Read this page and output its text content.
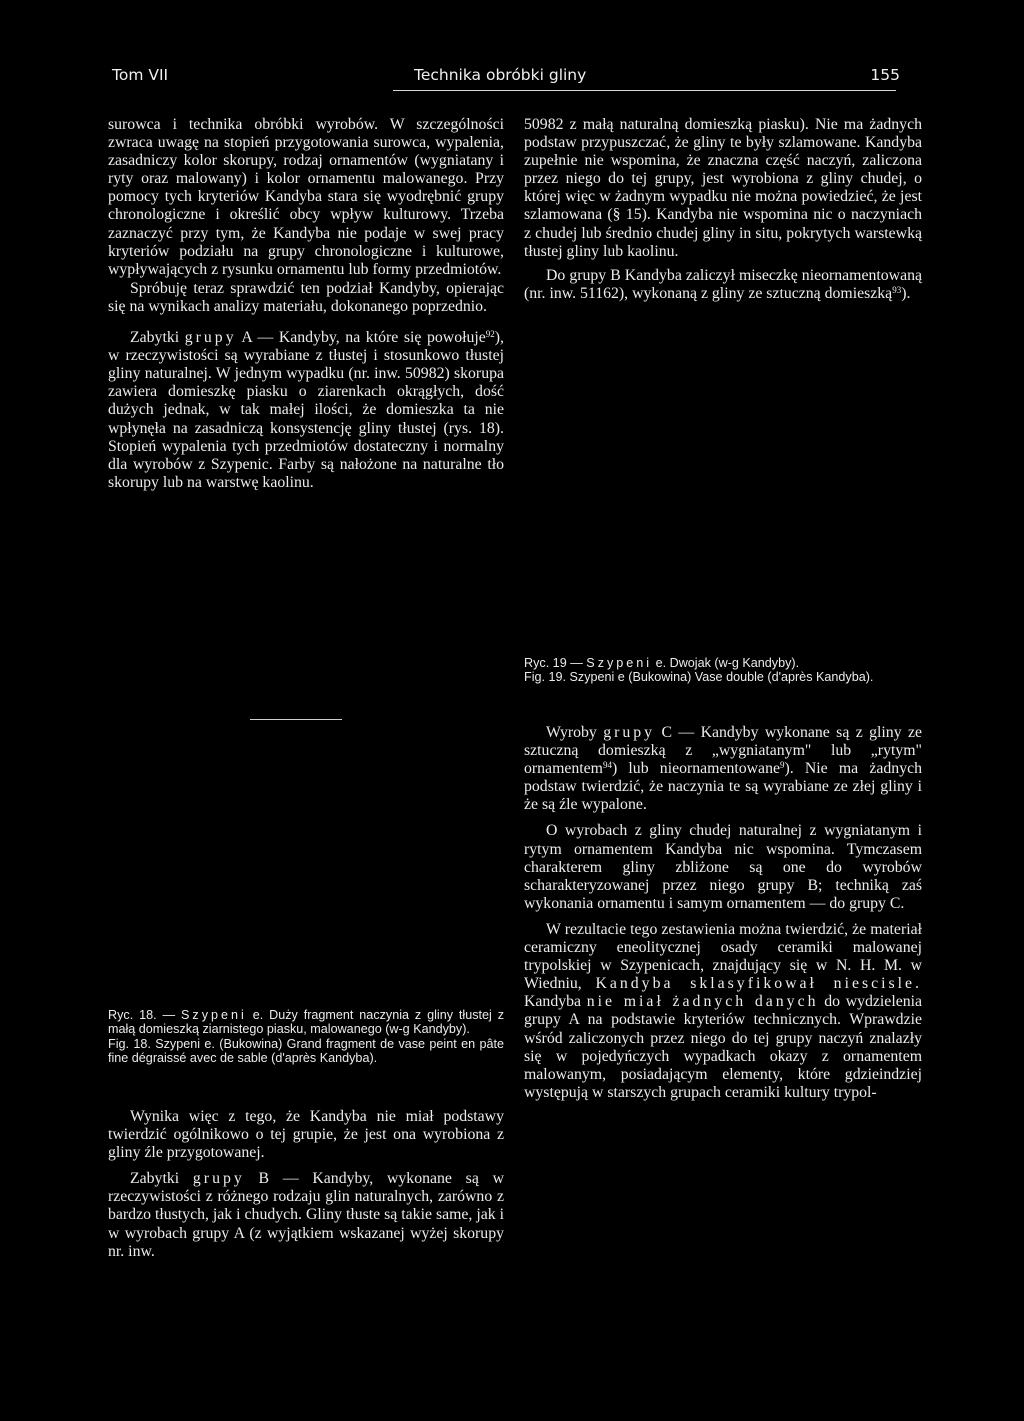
Tom VII	Technika obróbki gliny	155

surowca i technika obróbki wyrobów. W szczególności zwraca uwagę na stopień przygotowania surowca, wypalenia, zasadniczy kolor skorupy, rodzaj ornamentów (wygniatany i ryty oraz malowany) i kolor ornamentu malowanego. Przy pomocy tych kryteriów Kandyba stara się wyodrębnić grupy chronologiczne i określić obcy wpływ kulturowy. Trzeba zaznaczyć przy tym, że Kandyba nie podaje w swej pracy kryteriów podziału na grupy chronologiczne i kulturowe, wypływających z rysunku ornamentu lub formy przedmiotów.

Spróbuję teraz sprawdzić ten podział Kandyby, opierając się na wynikach analizy materiału, dokonanego poprzednio.

Zabytki grupy A — Kandyby, na które się powołuje$^{92}$), w rzeczywistości są wyrabiane z tłustej i stosunkowo tłustej gliny naturalnej. W jednym wypadku (nr. inw. 50982) skorupa zawiera domieszkę piasku o ziarenkach okrągłych, dość dużych jednak, w tak małej ilości, że domieszka ta nie wpłynęła na zasadniczą konsystencję gliny tłustej (rys. 18). Stopień wypalenia tych przedmiotów dostateczny i normalny dla wyrobów z Szypenic. Farby są nałożone na naturalne tło skorupy lub na warstwę kaolinu.

Ryc. 18. — Szypeni e. Duży fragment naczynia z gliny tłustej z małą domieszką ziarnistego piasku, malowanego (w-g Kandyby).

Fig. 18. Szypeni e. (Bukowina) Grand fragment de vase peint en pâte fine dégraissé avec de sable (d'après Kandyba).

Wynika więc z tego, że Kandyba nie miał podstawy twierdzić ogólnikowo o tej grupie, że jest ona wyrobiona z gliny źle przygotowanej.

Zabytki grupy B — Kandyby, wykonane są w rzeczywistości z różnego rodzaju glin naturalnych, zarówno z bardzo tłustych, jak i chudych. Gliny tłuste są takie same, jak i w wyrobach grupy A (z wyjątkiem wskazanej wyżej skorupy nr. inw.

50982 z małą naturalną domieszką piasku). Nie ma żadnych podstaw przypuszczać, że gliny te były szlamowane. Kandyba zupełnie nie wspomina, że znaczna część naczyń, zaliczona przez niego do tej grupy, jest wyrobiona z gliny chudej, o której więc w żadnym wypadku nie można powiedzieć, że jest szlamowana (§ 15). Kandyba nie wspomina nic o naczyniach z chudej lub średnio chudej gliny in situ, pokrytych warstewką tłustej gliny lub kaolinu.

Do grupy B Kandyba zaliczył miseczkę nieornamentowaną (nr. inw. 51162), wykonaną z gliny ze sztuczną domieszką$^{93}$).

Ryc. 19 — Szypeni e. Dwojak (w-g Kandyby).

Fig. 19. Szypeni e (Bukowina) Vase double (d'après Kandyba).

Wyroby grupy C — Kandyby wykonane są z gliny ze sztuczną domieszką z „wygniatanym" lub „rytym" ornamentem$^{94}$) lub nieornamentowane$^9$). Nie ma żadnych podstaw twierdzić, że naczynia te są wyrabiane ze złej gliny i że są źle wypalone.

O wyrobach z gliny chudej naturalnej z wygniatanym i rytym ornamentem Kandyba nic wspomina. Tymczasem charakterem gliny zbliżone są one do wyrobów scharakteryzowanej przez niego grupy B; techniką zaś wykonania ornamentu i samym ornamentem — do grupy C.

W rezultacie tego zestawienia można twierdzić, że materiał ceramiczny eneolitycznej osady ceramiki malowanej trypolskiej w Szypenicach, znajdujący się w N. H. M. w Wiedniu, Kandyba sklasyfikował niescisle. Kandyba nie miał żadnych danych do wydzielenia grupy A na podstawie kryteriów technicznych. Wprawdzie wśród zaliczonych przez niego do tej grupy naczyń znalazły się w pojedyńczych wypadkach okazy z ornamentem malowanym, posiadającym elementy, które gdzieindziej występują w starszych grupach ceramiki kultury trypol-
